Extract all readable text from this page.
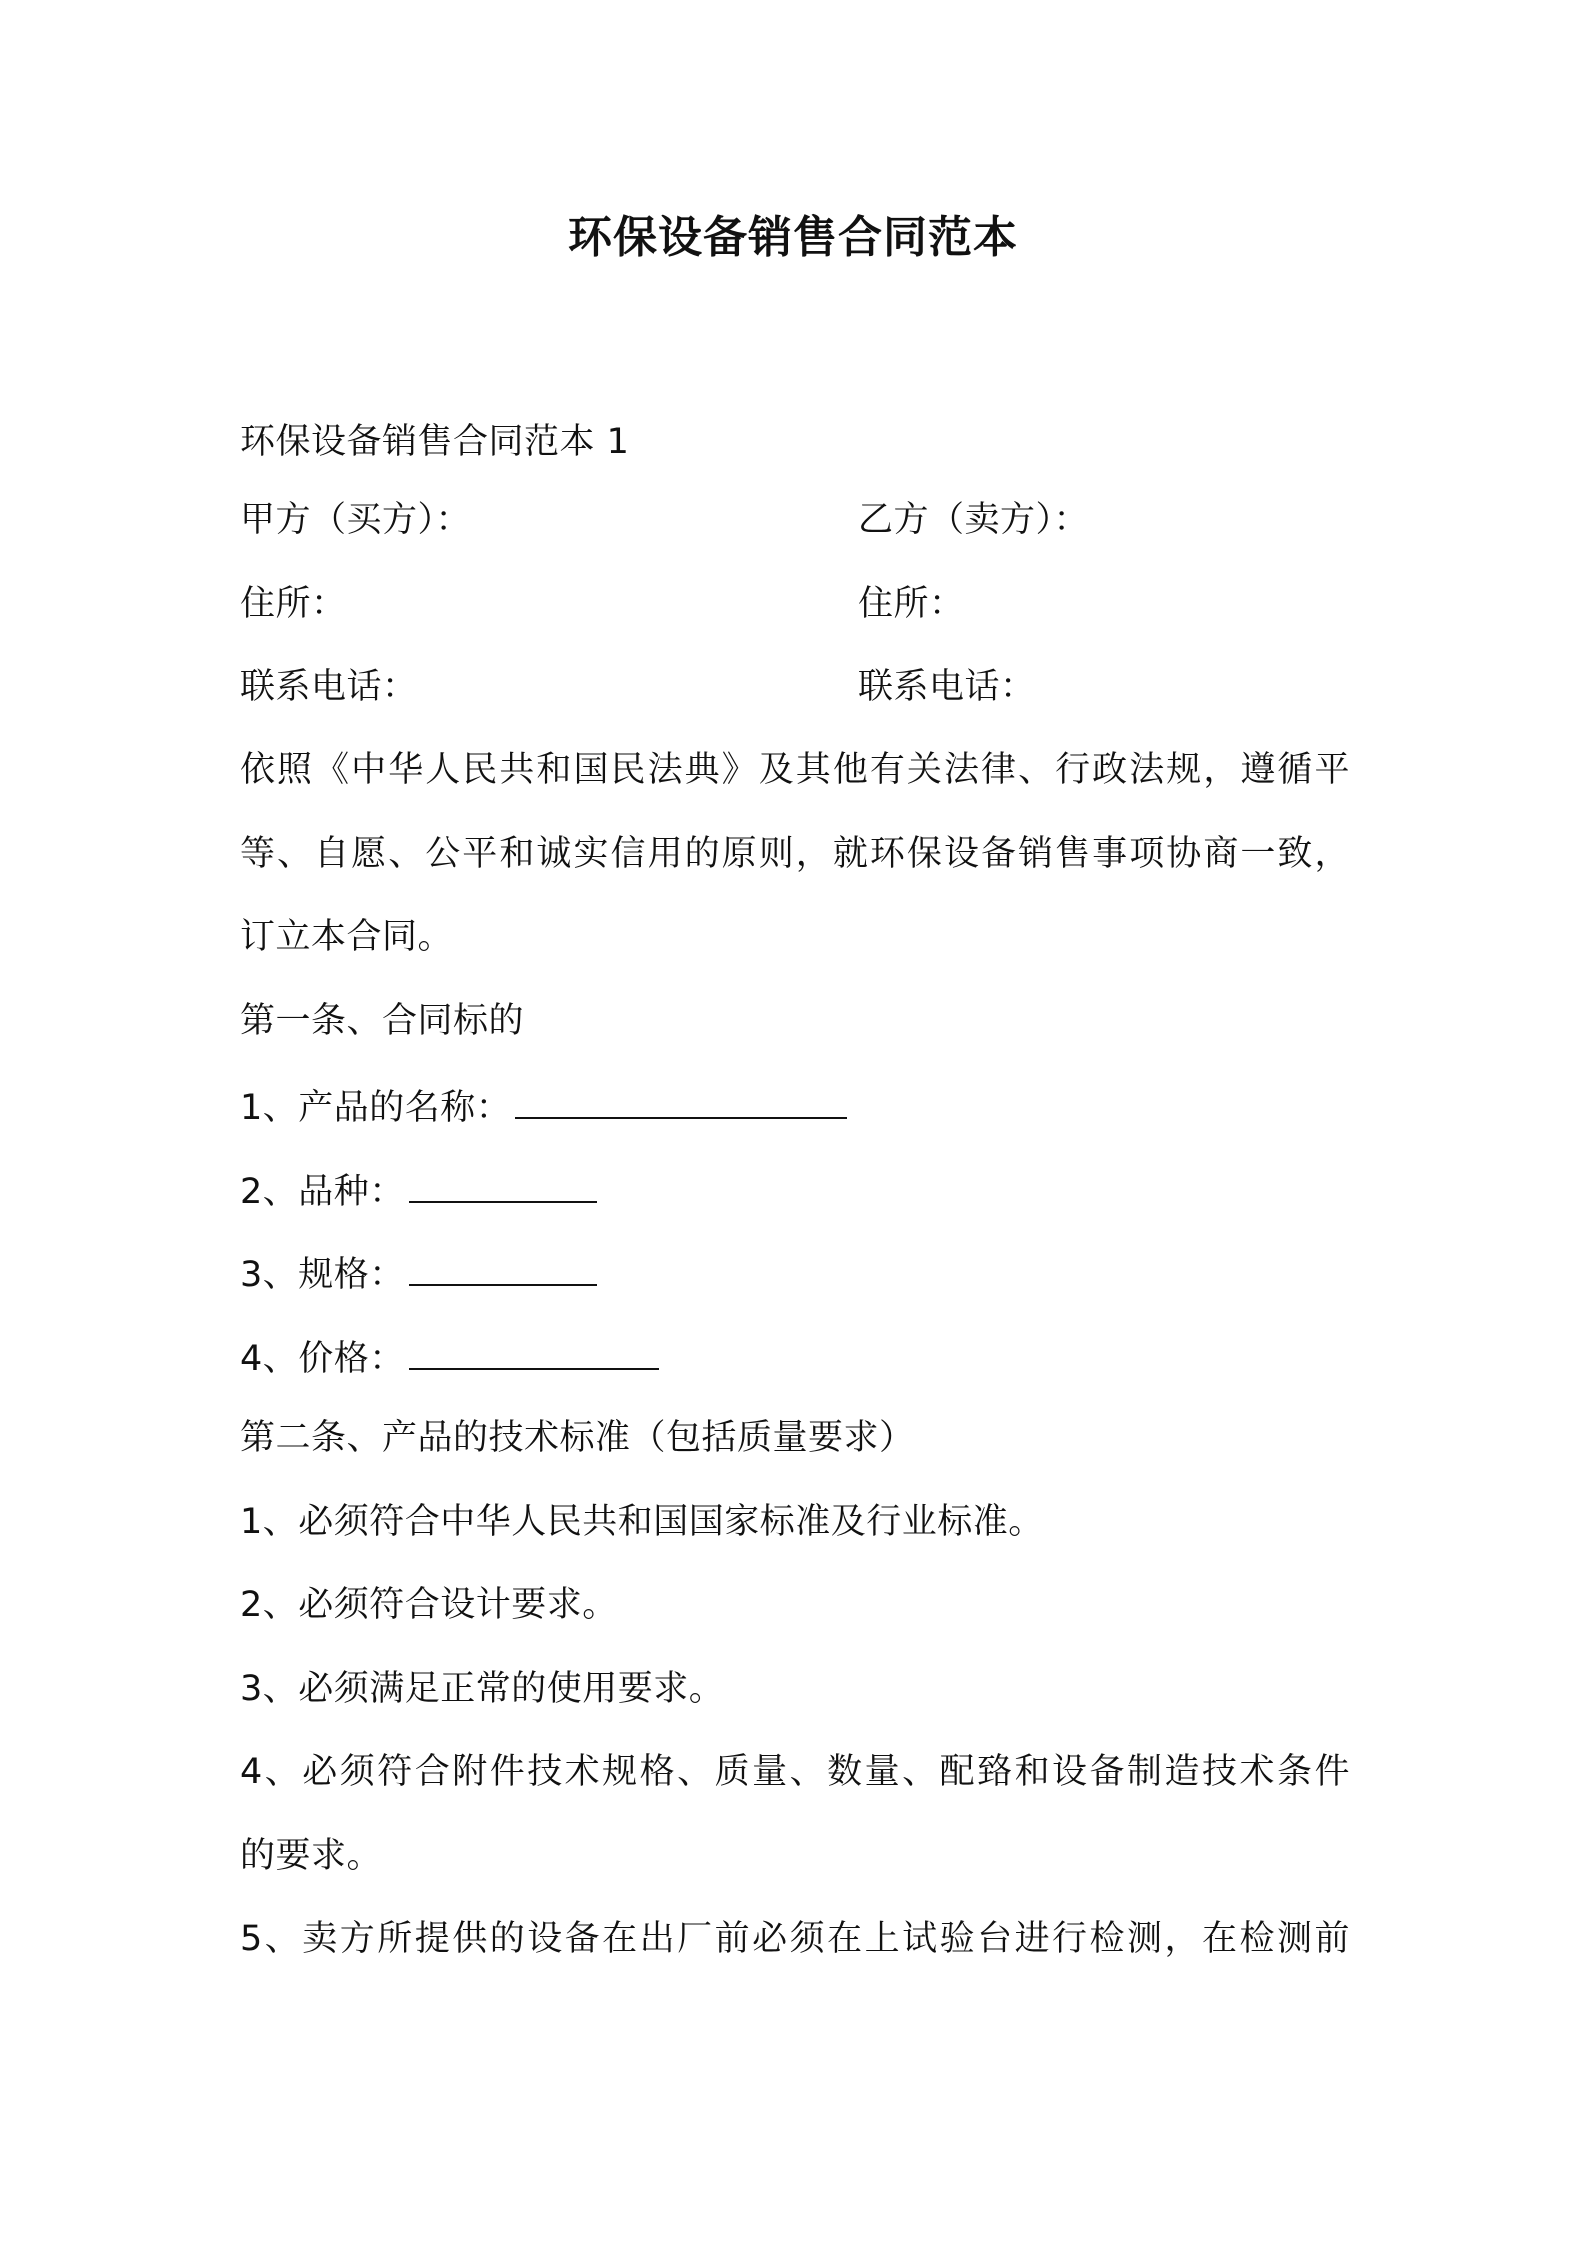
环保设备销售合同范本
环保设备销售合同范本 1
甲方（买方）：	乙方（卖方）：
住所：	住所：
联系电话：	联系电话：
依照《中华人民共和国民法典》及其他有关法律、行政法规，遵循平
等、自愿、公平和诚实信用的原则，就环保设备销售事项协商一致，
订立本合同。
第一条、合同标的
1、产品的名称：
2、品种：
3、规格：
4、价格：
第二条、产品的技术标准（包括质量要求）
1、必须符合中华人民共和国国家标准及行业标准。
2、必须符合设计要求。
3、必须满足正常的使用要求。
4、必须符合附件技术规格、质量、数量、配臵和设备制造技术条件
的要求。
5、卖方所提供的设备在出厂前必须在上试验台进行检测，在检测前
